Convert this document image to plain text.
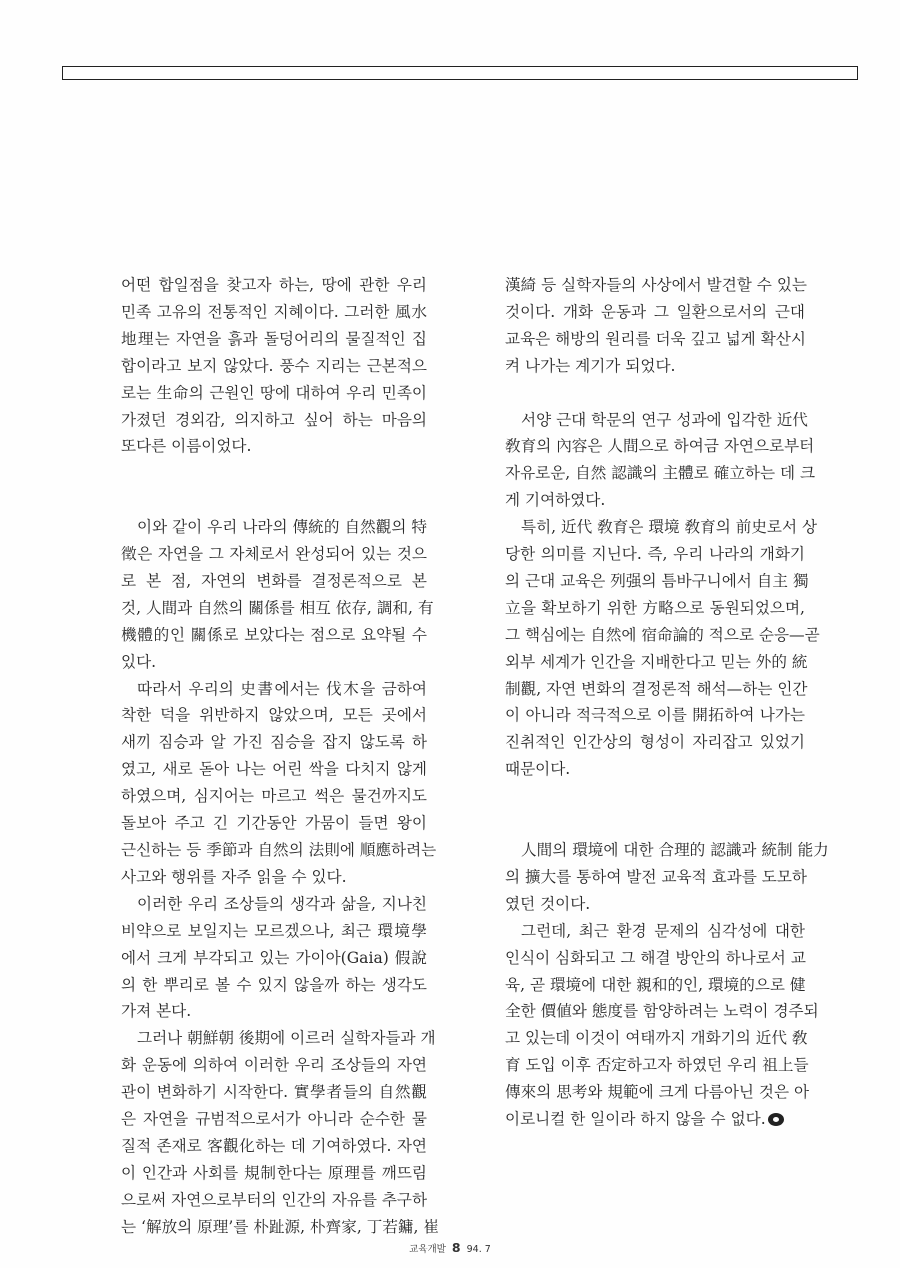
어떤 합일점을 찾고자 하는, 땅에 관한 우리

민족 고유의 전통적인 지혜이다. 그러한 風水

地理는 자연을 흙과 돌덩어리의 물질적인 집

합이라고 보지 않았다. 풍수 지리는 근본적으

로는 生命의 근원인 땅에 대하여 우리 민족이

가졌던 경외감, 의지하고 싶어 하는 마음의

또다른 이름이었다.

이와 같이 우리 나라의 傳統的 自然觀의 特

徵은 자연을 그 자체로서 완성되어 있는 것으

로 본 점, 자연의 변화를 결정론적으로 본

것, 人間과 自然의 關係를 相互 依存, 調和, 有

機體的인 關係로 보았다는 점으로 요약될 수

있다.

따라서 우리의 史書에서는 伐木을 금하여

착한 덕을 위반하지 않았으며, 모든 곳에서

새끼 짐승과 알 가진 짐승을 잡지 않도록 하

였고, 새로 돋아 나는 어린 싹을 다치지 않게

하였으며, 심지어는 마르고 썩은 물건까지도

돌보아 주고 긴 기간동안 가뭄이 들면 왕이

근신하는 등 季節과 自然의 法則에 順應하려는

사고와 행위를 자주 읽을 수 있다.

이러한 우리 조상들의 생각과 삶을, 지나친

비약으로 보일지는 모르겠으나, 최근 環境學

에서 크게 부각되고 있는 가이아(Gaia) 假說

의 한 뿌리로 볼 수 있지 않을까 하는 생각도

가져 본다.

그러나 朝鮮朝 後期에 이르러 실학자들과 개

화 운동에 의하여 이러한 우리 조상들의 자연

관이 변화하기 시작한다. 實學者들의 自然觀

은 자연을 규범적으로서가 아니라 순수한 물

질적 존재로 客觀化하는 데 기여하였다. 자연

이 인간과 사회를 規制한다는 原理를 깨뜨림

으로써 자연으로부터의 인간의 자유를 추구하

는 ‘解放의 原理’를 朴趾源, 朴齊家, 丁若鏞, 崔

漢綺 등 실학자들의 사상에서 발견할 수 있는

것이다. 개화 운동과 그 일환으로서의 근대

교육은 해방의 원리를 더욱 깊고 넓게 확산시

켜 나가는 계기가 되었다.

서양 근대 학문의 연구 성과에 입각한 近代

敎育의 內容은 人間으로 하여금 자연으로부터

자유로운, 自然 認識의 主體로 確立하는 데 크

게 기여하였다.

특히, 近代 敎育은 環境 敎育의 前史로서 상

당한 의미를 지닌다. 즉, 우리 나라의 개화기

의 근대 교육은 列强의 틈바구니에서 自主 獨

立을 확보하기 위한 方略으로 동원되었으며,

그 핵심에는 自然에 宿命論的 적으로 순응—곧

외부 세계가 인간을 지배한다고 믿는 外的 統

制觀, 자연 변화의 결정론적 해석—하는 인간

이 아니라 적극적으로 이를 開拓하여 나가는

진취적인 인간상의 형성이 자리잡고 있었기

때문이다.

人間의 環境에 대한 合理的 認識과 統制 能力

의 擴大를 통하여 발전 교육적 효과를 도모하

였던 것이다.

그런데, 최근 환경 문제의 심각성에 대한

인식이 심화되고 그 해결 방안의 하나로서 교

육, 곧 環境에 대한 親和的인, 環境的으로 健

全한 價値와 態度를 함양하려는 노력이 경주되

고 있는데 이것이 여태까지 개화기의 近代 敎

育 도입 이후 否定하고자 하였던 우리 祖上들

傳來의 思考와 規範에 크게 다름아닌 것은 아

이로니컬 한 일이라 하지 않을 수 없다.

교육개발 8 94. 7
